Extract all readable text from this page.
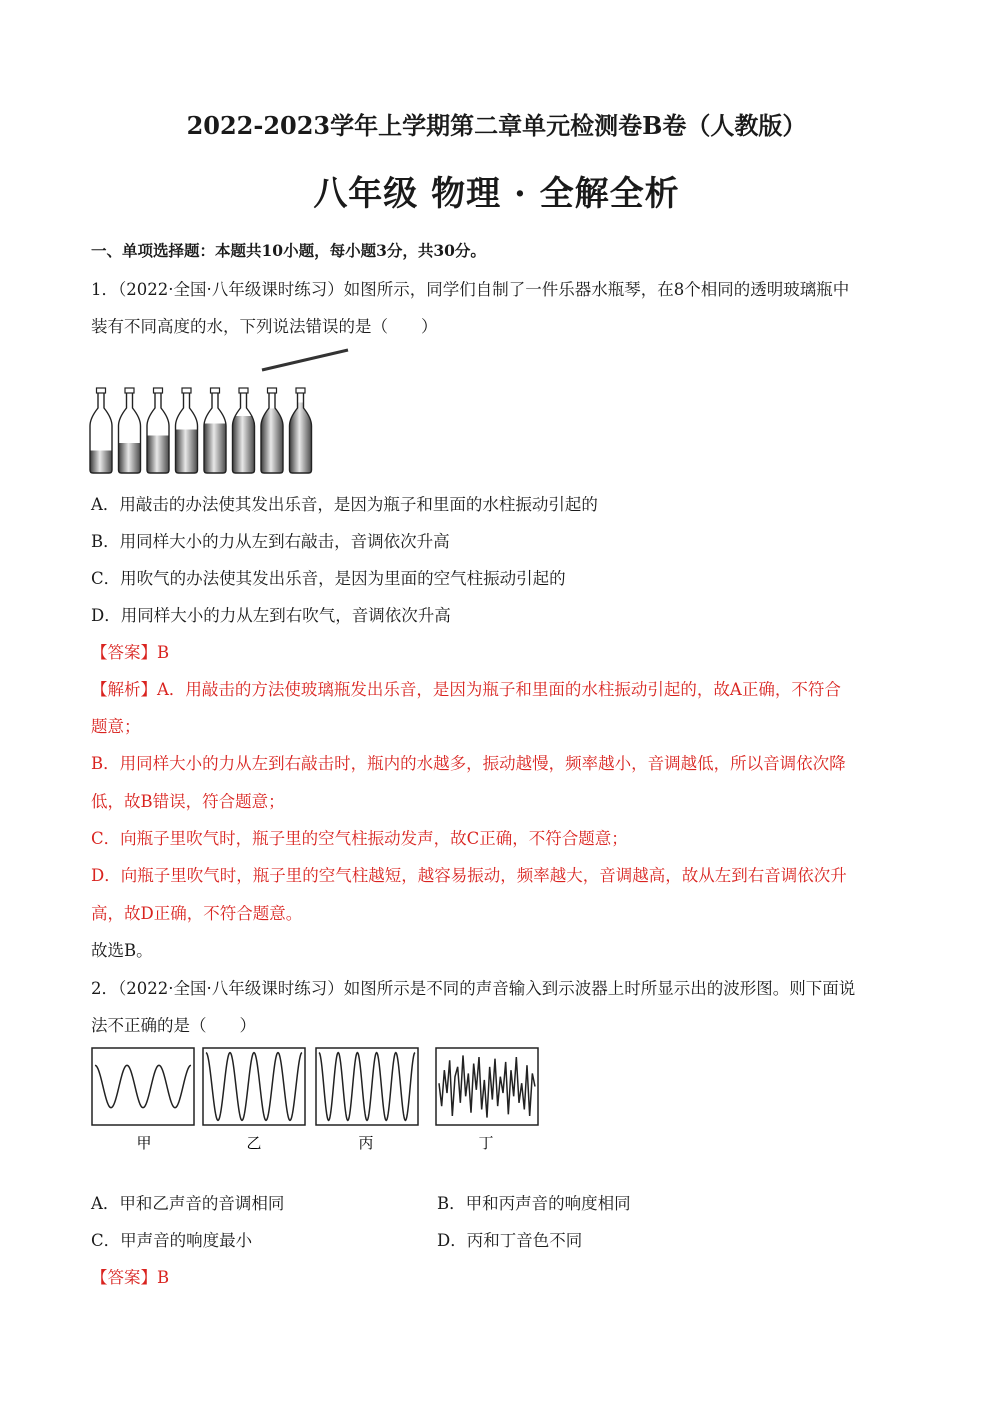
2022-2023学年上学期第二章单元检测卷B卷（人教版）
八年级 物理 · 全解全析
一、单项选择题：本题共10小题，每小题3分，共30分。
1．（2022·全国·八年级课时练习）如图所示，同学们自制了一件乐器水瓶琴，在8个相同的透明玻璃瓶中
装有不同高度的水，下列说法错误的是（　　）
A．用敲击的办法使其发出乐音，是因为瓶子和里面的水柱振动引起的
B．用同样大小的力从左到右敲击，音调依次升高
C．用吹气的办法使其发出乐音，是因为里面的空气柱振动引起的
D．用同样大小的力从左到右吹气，音调依次升高
【答案】B
【解析】A．用敲击的方法使玻璃瓶发出乐音，是因为瓶子和里面的水柱振动引起的，故A正确，不符合
题意；
B．用同样大小的力从左到右敲击时，瓶内的水越多，振动越慢，频率越小，音调越低，所以音调依次降
低，故B错误，符合题意；
C．向瓶子里吹气时，瓶子里的空气柱振动发声，故C正确，不符合题意；
D．向瓶子里吹气时，瓶子里的空气柱越短，越容易振动，频率越大，音调越高，故从左到右音调依次升
高，故D正确，不符合题意。
故选B。
2．（2022·全国·八年级课时练习）如图所示是不同的声音输入到示波器上时所显示出的波形图。则下面说
法不正确的是（　　）
甲	乙	丙	丁
A．甲和乙声音的音调相同	B．甲和丙声音的响度相同
C．甲声音的响度最小	D．丙和丁音色不同
【答案】B
